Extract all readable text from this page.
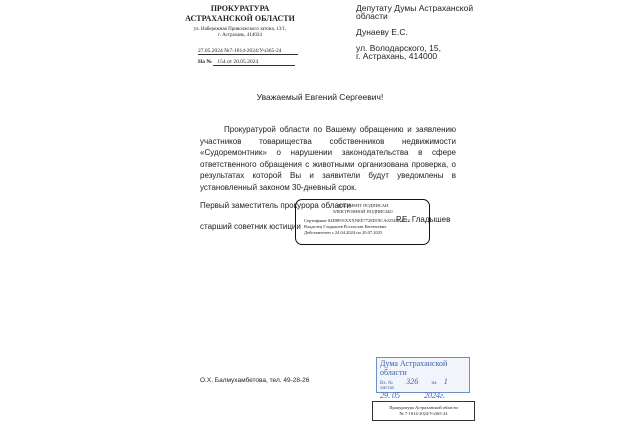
ПРОКУРАТУРА
АСТРАХАНСКОЙ ОБЛАСТИ
ул. Набережная Приволжского затона, 13/1,
г. Астрахань, 414024
27.05.2024 №7-1814-2024/Уч365-24
На № 154 от 20.05.2024
Депутату Думы Астраханской
области
Дунаеву Е.С.
ул. Володарского, 15,
г. Астрахань, 414000
Уважаемый Евгений Сергеевич!
Прокуратурой области по Вашему обращению и заявлению участников товарищества собственников недвижимости «Судоремонтник» о нарушении законодательства в сфере ответственного обращения с животными организована проверка, о результатах которой Вы и заявители будут уведомлены в установленный законом 30-дневный срок.
Первый заместитель прокурора области
старший советник юстиции
Р.Е. Гладышев
ДОКУМЕНТ ПОДПИСАН
ЭЛЕКТРОННОЙ ПОДПИСЬЮ
Сертификат 04D8F01XXXNEE7728D19CA02545B4774
Владелец Гладышев Ростислав Евгеньевич
Действителен с 24.04.2024 по 20.07.2025
О.Х. Балмухамбетова, тел. 49-28-26
Дума Астраханской области
Вх. № 326	на 1 листах
29. 05	2024г.
Прокуратура Астраханской области
№ 7-1814-2024/Уч365-24
